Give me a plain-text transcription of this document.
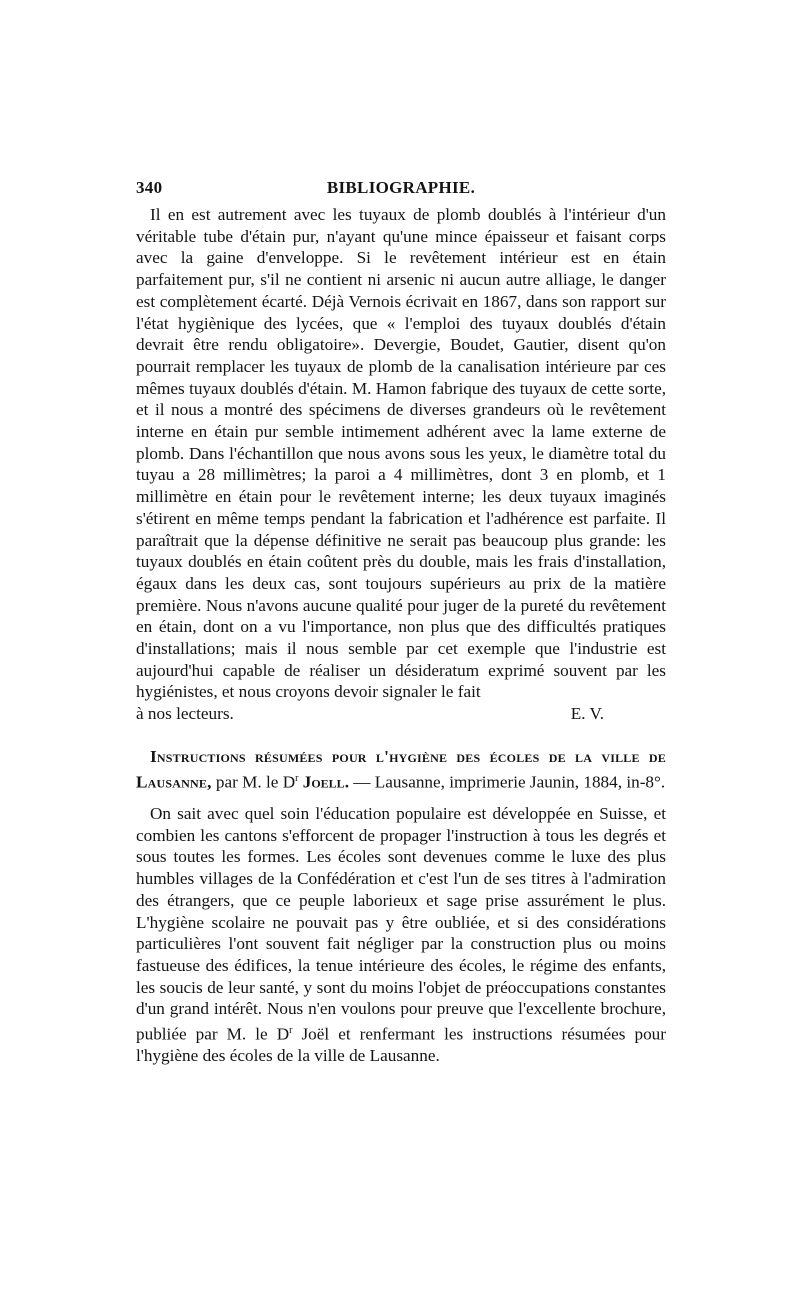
340	BIBLIOGRAPHIE.

Il en est autrement avec les tuyaux de plomb doublés à l'intérieur d'un véritable tube d'étain pur, n'ayant qu'une mince épaisseur et faisant corps avec la gaine d'enveloppe. Si le revêtement intérieur est en étain parfaitement pur, s'il ne contient ni arsenic ni aucun autre alliage, le danger est complètement écarté. Déjà Vernois écrivait en 1867, dans son rapport sur l'état hygiènique des lycées, que « l'emploi des tuyaux doublés d'étain devrait être rendu obligatoire». Devergie, Boudet, Gautier, disent qu'on pourrait remplacer les tuyaux de plomb de la canalisation intérieure par ces mêmes tuyaux doublés d'étain. M. Hamon fabrique des tuyaux de cette sorte, et il nous a montré des spécimens de diverses grandeurs où le revêtement interne en étain pur semble intimement adhérent avec la lame externe de plomb. Dans l'échantillon que nous avons sous les yeux, le diamètre total du tuyau a 28 millimètres; la paroi a 4 millimètres, dont 3 en plomb, et 1 millimètre en étain pour le revêtement interne; les deux tuyaux imaginés s'étirent en même temps pendant la fabrication et l'adhérence est parfaite. Il paraîtrait que la dépense définitive ne serait pas beaucoup plus grande: les tuyaux doublés en étain coûtent près du double, mais les frais d'installation, égaux dans les deux cas, sont toujours supérieurs au prix de la matière première. Nous n'avons aucune qualité pour juger de la pureté du revêtement en étain, dont on a vu l'importance, non plus que des difficultés pratiques d'installations; mais il nous semble par cet exemple que l'industrie est aujourd'hui capable de réaliser un désideratum exprimé souvent par les hygiénistes, et nous croyons devoir signaler le fait

à nos lecteurs.	E. V.

Instructions résumées pour l'hygiène des écoles de la ville de Lausanne, par M. le $D^r$ Joell. — Lausanne, imprimerie Jaunin, 1884, in-8°.

On sait avec quel soin l'éducation populaire est développée en Suisse, et combien les cantons s'efforcent de propager l'instruction à tous les degrés et sous toutes les formes. Les écoles sont devenues comme le luxe des plus humbles villages de la Confédération et c'est l'un de ses titres à l'admiration des étrangers, que ce peuple laborieux et sage prise assurément le plus. L'hygiène scolaire ne pouvait pas y être oubliée, et si des considérations particulières l'ont souvent fait négliger par la construction plus ou moins fastueuse des édifices, la tenue intérieure des écoles, le régime des enfants, les soucis de leur santé, y sont du moins l'objet de préoccupations constantes d'un grand intérêt. Nous n'en voulons pour preuve que l'excellente brochure, publiée par M. le $D^r$ Joël et renfermant les instructions résumées pour l'hygiène des écoles de la ville de Lausanne.
